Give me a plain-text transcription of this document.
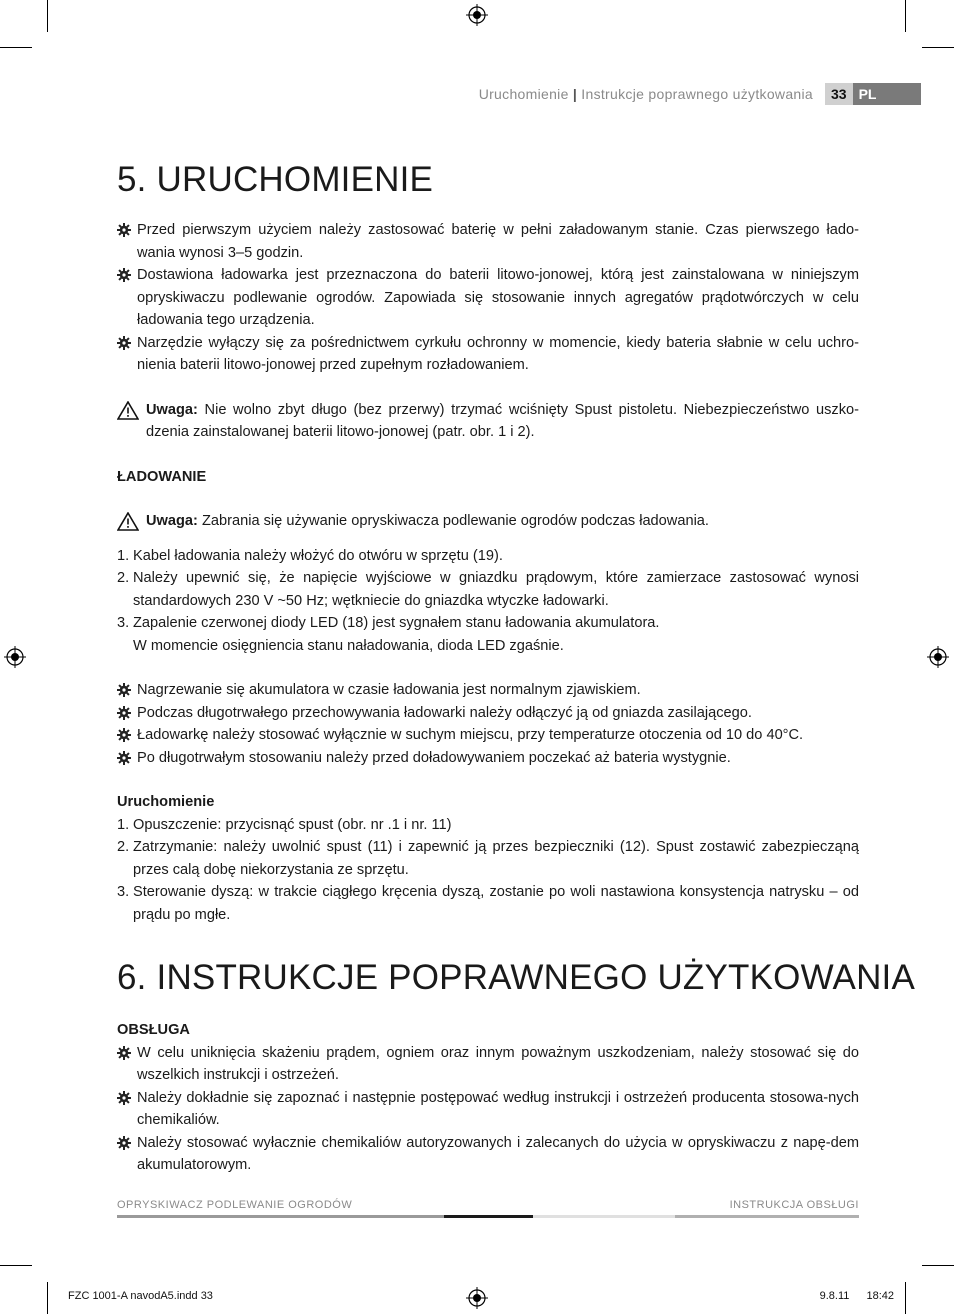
Uruchomienie | Instrukcje poprawnego użytkowania	33 PL
5. URUCHOMIENIE
Przed pierwszym użyciem należy zastosować baterię w pełni załadowanym stanie. Czas pierwszego łado-wania wynosi 3–5 godzin.
Dostawiona ładowarka jest przeznaczona do baterii litowo-jonowej, którą jest zainstalowana w niniejszym opryskiwaczu podlewanie ogrodów. Zapowiada się stosowanie innych agregatów prądotwórczych w celu ładowania tego urządzenia.
Narzędzie wyłączy się za pośrednictwem cyrkułu ochronny w momencie, kiedy bateria słabnie w celu uchro-nienia baterii litowo-jonowej przed zupełnym rozładowaniem.
Uwaga: Nie wolno zbyt długo (bez przerwy) trzymać wciśnięty Spust pistoletu. Niebezpieczeństwo uszko-dzenia zainstalowanej baterii litowo-jonowej (patr. obr. 1 i 2).
ŁADOWANIE
Uwaga: Zabrania się używanie opryskiwacza podlewanie ogrodów podczas ładowania.
1. Kabel ładowania należy włożyć do otwóru w sprzętu (19).
2. Należy upewnić się, że napięcie wyjściowe w gniazdku prądowym, które zamierzace zastosować wynosi standardowych 230 V ~50 Hz; wętkniecie do gniazdka wtyczke ładowarki.
3. Zapalenie czerwonej diody LED (18) jest sygnałem stanu ładowania akumulatora.
W momencie osięgniencia stanu naładowania, dioda LED zgaśnie.
Nagrzewanie się akumulatora w czasie ładowania jest normalnym zjawiskiem.
Podczas długotrwałego przechowywania ładowarki należy odłączyć ją od gniazda zasilającego.
Ładowarkę należy stosować wyłącznie w suchym miejscu, przy temperaturze otoczenia od 10 do 40°C.
Po długotrwałym stosowaniu należy przed doładowywaniem poczekać aż bateria wystygnie.
Uruchomienie
1. Opuszczenie: przycisnąć spust (obr. nr .1 i nr. 11)
2. Zatrzymanie: należy uwolnić spust (11) i zapewnić ją przes bezpieczniki (12). Spust zostawić zabezpiecząną przes calą dobę niekorzystania ze sprzętu.
3. Sterowanie dyszą: w trakcie ciągłego kręcenia dyszą, zostanie po woli nastawiona konsystencja natrysku – od prądu po mgłe.
6. INSTRUKCJE POPRAWNEGO UŻYTKOWANIA
OBSŁUGA
W celu uniknięcia skażeniu prądem, ogniem oraz innym poważnym uszkodzeniam, należy stosować się do wszelkich instrukcji i ostrzeżeń.
Należy dokładnie się zapoznać i następnie postępować według instrukcji i ostrzeżeń producenta stosowa-nych chemikaliów.
Należy stosować wyłacznie chemikaliów autoryzowanych i zalecanych do użycia w opryskiwaczu z napę-dem akumulatorowym.
OPRYSKIWACZ PODLEWANIE OGRODÓW	INSTRUKCJA OBSŁUGI
FZC 1001-A navodA5.indd 33	9.8.11 18:42
